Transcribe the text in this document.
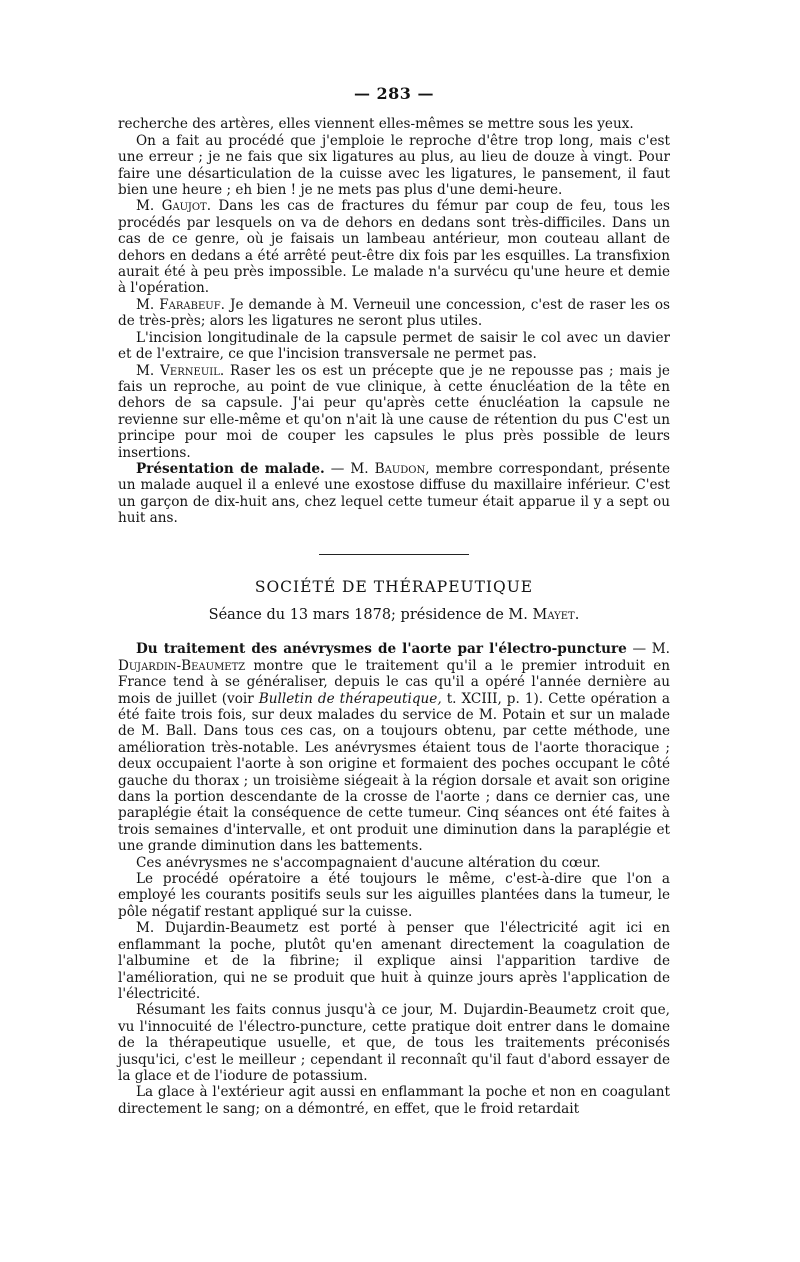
— 283 —

recherche des artères, elles viennent elles-mêmes se mettre sous les yeux.

On a fait au procédé que j'emploie le reproche d'être trop long, mais c'est une erreur ; je ne fais que six ligatures au plus, au lieu de douze à vingt. Pour faire une désarticulation de la cuisse avec les ligatures, le pansement, il faut bien une heure ; eh bien ! je ne mets pas plus d'une demi-heure.

M. Gaujot. Dans les cas de fractures du fémur par coup de feu, tous les procédés par lesquels on va de dehors en dedans sont très-difficiles. Dans un cas de ce genre, où je faisais un lambeau antérieur, mon couteau allant de dehors en dedans a été arrêté peut-être dix fois par les esquilles. La transfixion aurait été à peu près impossible. Le malade n'a survécu qu'une heure et demie à l'opération.

M. Farabeuf. Je demande à M. Verneuil une concession, c'est de raser les os de très-près; alors les ligatures ne seront plus utiles.

L'incision longitudinale de la capsule permet de saisir le col avec un davier et de l'extraire, ce que l'incision transversale ne permet pas.

M. Verneuil. Raser les os est un précepte que je ne repousse pas ; mais je fais un reproche, au point de vue clinique, à cette énucléation de la tête en dehors de sa capsule. J'ai peur qu'après cette énucléation la capsule ne revienne sur elle-même et qu'on n'ait là une cause de rétention du pus C'est un principe pour moi de couper les capsules le plus près possible de leurs insertions.

Présentation de malade. — M. Baudon, membre correspondant, présente un malade auquel il a enlevé une exostose diffuse du maxillaire inférieur. C'est un garçon de dix-huit ans, chez lequel cette tumeur était apparue il y a sept ou huit ans.

SOCIÉTÉ DE THÉRAPEUTIQUE
Séance du 13 mars 1878; présidence de M. Mayet.

Du traitement des anévrysmes de l'aorte par l'électro-puncture — M. Dujardin-Beaumetz montre que le traitement qu'il a le premier introduit en France tend à se généraliser, depuis le cas qu'il a opéré l'année dernière au mois de juillet (voir Bulletin de thérapeutique, t. XCIII, p. 1). Cette opération a été faite trois fois, sur deux malades du service de M. Potain et sur un malade de M. Ball. Dans tous ces cas, on a toujours obtenu, par cette méthode, une amélioration très-notable. Les anévrysmes étaient tous de l'aorte thoracique ; deux occupaient l'aorte à son origine et formaient des poches occupant le côté gauche du thorax ; un troisième siégeait à la région dorsale et avait son origine dans la portion descendante de la crosse de l'aorte ; dans ce dernier cas, une paraplégie était la conséquence de cette tumeur. Cinq séances ont été faites à trois semaines d'intervalle, et ont produit une diminution dans la paraplégie et une grande diminution dans les battements.

Ces anévrysmes ne s'accompagnaient d'aucune altération du cœur.

Le procédé opératoire a été toujours le même, c'est-à-dire que l'on a employé les courants positifs seuls sur les aiguilles plantées dans la tumeur, le pôle négatif restant appliqué sur la cuisse.

M. Dujardin-Beaumetz est porté à penser que l'électricité agit ici en enflammant la poche, plutôt qu'en amenant directement la coagulation de l'albumine et de la fibrine; il explique ainsi l'apparition tardive de l'amélioration, qui ne se produit que huit à quinze jours après l'application de l'électricité.

Résumant les faits connus jusqu'à ce jour, M. Dujardin-Beaumetz croit que, vu l'innocuité de l'électro-puncture, cette pratique doit entrer dans le domaine de la thérapeutique usuelle, et que, de tous les traitements préconisés jusqu'ici, c'est le meilleur ; cependant il reconnaît qu'il faut d'abord essayer de la glace et de l'iodure de potassium.

La glace à l'extérieur agit aussi en enflammant la poche et non en coagulant directement le sang; on a démontré, en effet, que le froid retardait
